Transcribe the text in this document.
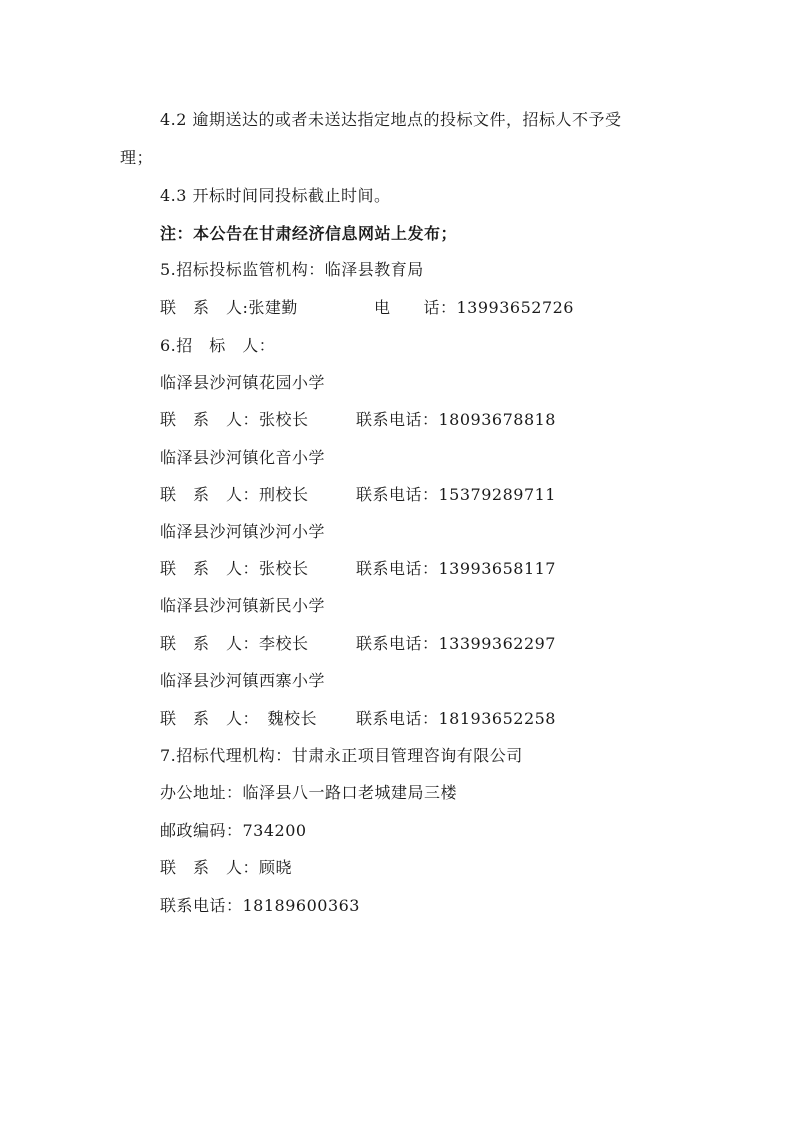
4.2 逾期送达的或者未送达指定地点的投标文件，招标人不予受
理；
4.3 开标时间同投标截止时间。
注：本公告在甘肃经济信息网站上发布；
5.招标投标监管机构：临泽县教育局
联　系　人:张建勤	电　　话：13993652726
6.招　标　人：
临泽县沙河镇花园小学
联　系　人：张校长	联系电话：18093678818
临泽县沙河镇化音小学
联　系　人：刑校长	联系电话：15379289711
临泽县沙河镇沙河小学
联　系　人：张校长	联系电话：13993658117
临泽县沙河镇新民小学
联　系　人：李校长	联系电话：13399362297
临泽县沙河镇西寨小学
联　系　人：　魏校长 联系电话：18193652258
7.招标代理机构：甘肃永正项目管理咨询有限公司
办公地址：临泽县八一路口老城建局三楼
邮政编码：734200
联　系　人：顾晓
联系电话：18189600363
